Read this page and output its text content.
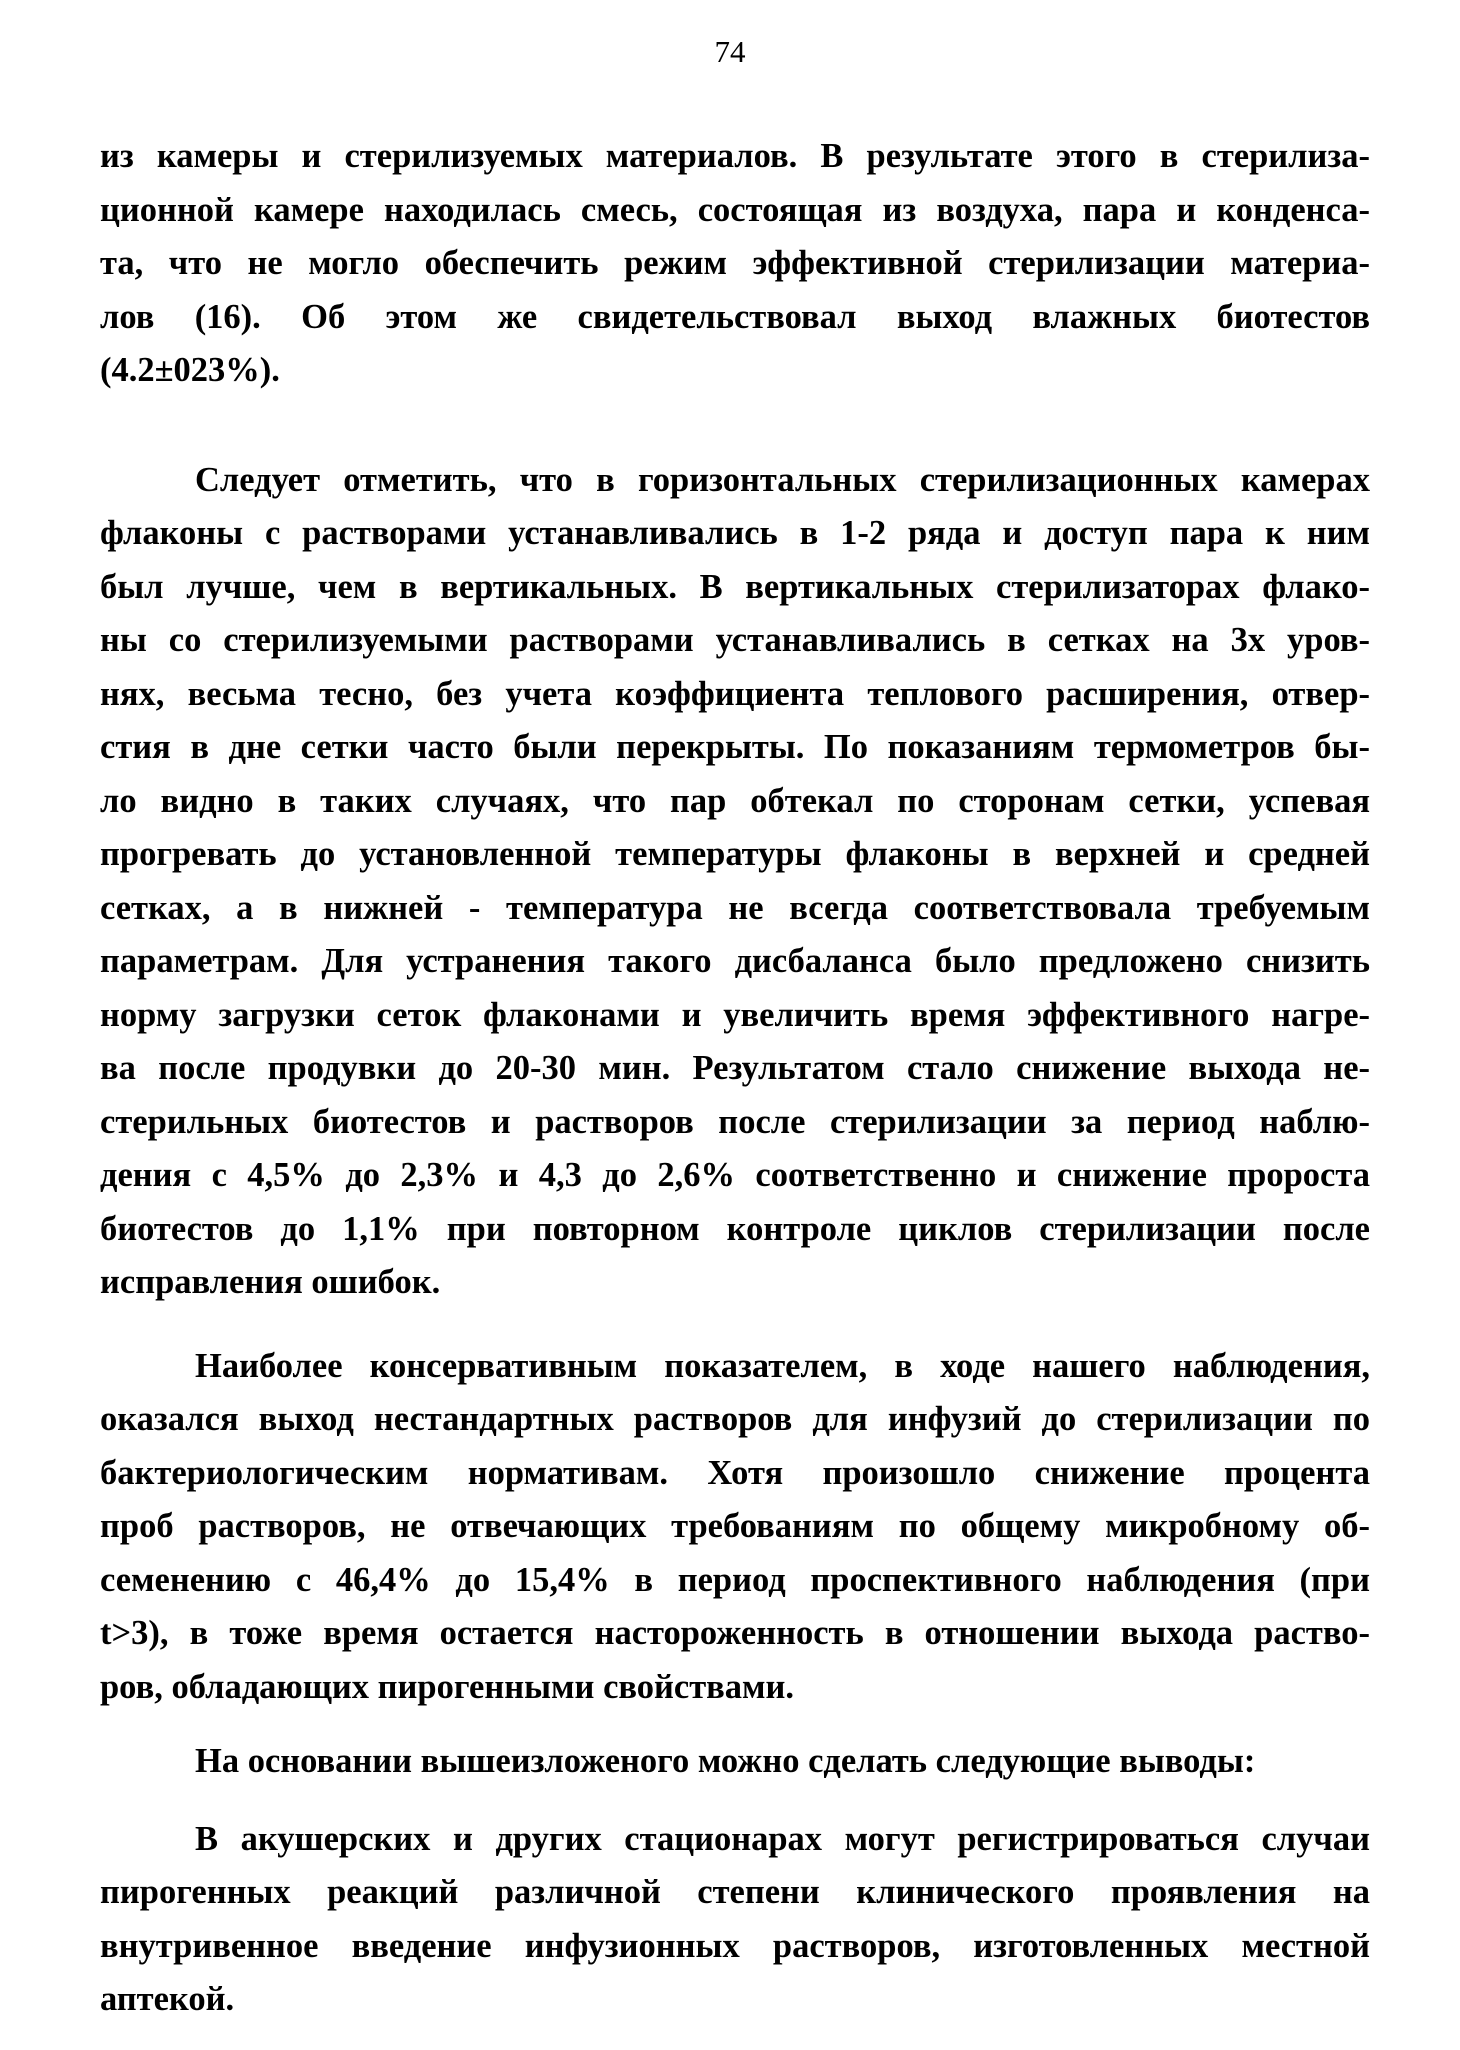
74
из камеры и стерилизуемых материалов. В результате этого в стерилиза-
ционной камере находилась смесь, состоящая из воздуха, пара и конденса-
та, что не могло обеспечить режим эффективной стерилизации материа-
лов (16). Об этом же свидетельствовал выход влажных биотестов
(4.2±023%).
Следует отметить, что в горизонтальных стерилизационных камерах
флаконы с растворами устанавливались в 1-2 ряда и доступ пара к ним
был лучше, чем в вертикальных. В вертикальных стерилизаторах флако-
ны со стерилизуемыми растворами устанавливались в сетках на 3х уров-
нях, весьма тесно, без учета коэффициента теплового расширения, отвер-
стия в дне сетки часто были перекрыты. По показаниям термометров бы-
ло видно в таких случаях, что пар обтекал по сторонам сетки, успевая
прогревать до установленной температуры флаконы в верхней и средней
сетках, а в нижней - температура не всегда соответствовала требуемым
параметрам. Для устранения такого дисбаланса было предложено снизить
норму загрузки сеток флаконами и увеличить время эффективного нагре-
ва после продувки до 20-30 мин. Результатом стало снижение выхода не-
стерильных биотестов и растворов после стерилизации за период наблю-
дения с 4,5% до 2,3% и 4,3 до 2,6% соответственно и снижение пророста
биотестов до 1,1% при повторном контроле циклов стерилизации после
исправления ошибок.
Наиболее консервативным показателем, в ходе нашего наблюдения,
оказался выход нестандартных растворов для инфузий до стерилизации по
бактериологическим нормативам. Хотя произошло снижение процента
проб растворов, не отвечающих требованиям по общему микробному об-
семенению с 46,4% до 15,4% в период проспективного наблюдения (при
t>3), в тоже время остается настороженность в отношении выхода раство-
ров, обладающих пирогенными свойствами.
На основании вышеизложеного можно сделать следующие выводы:
В акушерских и других стационарах могут регистрироваться случаи
пирогенных реакций различной степени клинического проявления на
внутривенное введение инфузионных растворов, изготовленных местной
аптекой.
